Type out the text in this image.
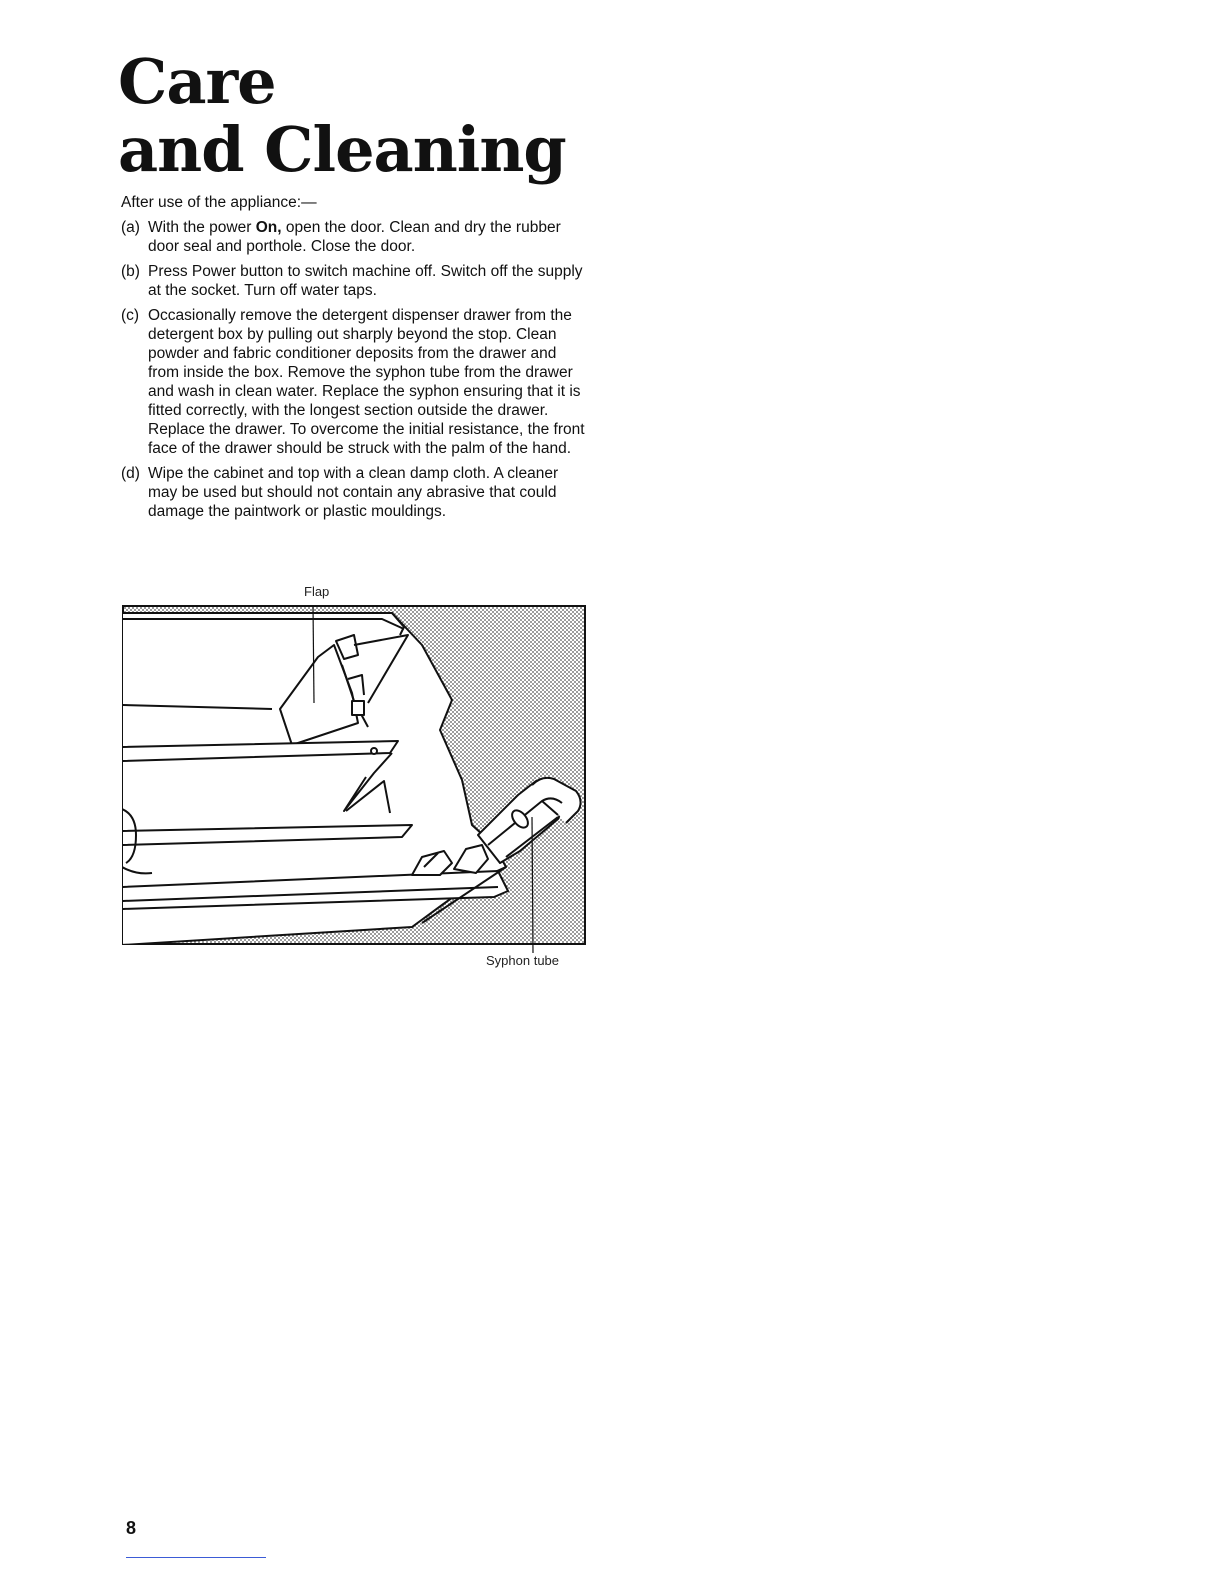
Care
and Cleaning

After use of the appliance:—

(a) With the power On, open the door. Clean and dry the rubber door seal and porthole. Close the door.
(b) Press Power button to switch machine off. Switch off the supply at the socket. Turn off water taps.
(c) Occasionally remove the detergent dispenser drawer from the detergent box by pulling out sharply beyond the stop. Clean powder and fabric conditioner deposits from the drawer and from inside the box. Remove the syphon tube from the drawer and wash in clean water. Replace the syphon ensuring that it is fitted correctly, with the longest section outside the drawer. Replace the drawer. To overcome the initial resistance, the front face of the drawer should be struck with the palm of the hand.
(d) Wipe the cabinet and top with a clean damp cloth. A cleaner may be used but should not contain any abrasive that could damage the paintwork or plastic mouldings.
Flap
Syphon tube
8
